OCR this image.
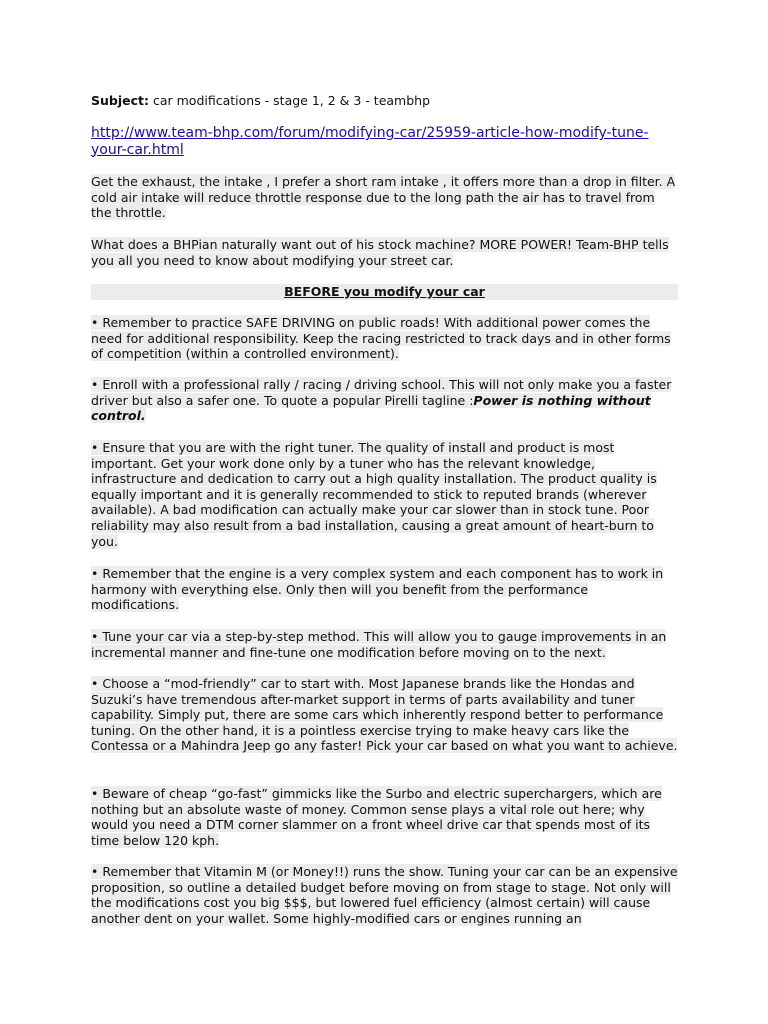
Subject: car modifications - stage 1, 2 & 3 - teambhp

http://www.team-bhp.com/forum/modifying-car/25959-article-how-modify-tune-your-car.html

Get the exhaust, the intake , I prefer a short ram intake , it offers more than a drop in filter. A cold air intake will reduce throttle response due to the long path the air has to travel from the throttle.

What does a BHPian naturally want out of his stock machine? MORE POWER! Team-BHP tells you all you need to know about modifying your street car.

BEFORE you modify your car

• Remember to practice SAFE DRIVING on public roads! With additional power comes the need for additional responsibility. Keep the racing restricted to track days and in other forms of competition (within a controlled environment).

• Enroll with a professional rally / racing / driving school. This will not only make you a faster driver but also a safer one. To quote a popular Pirelli tagline :Power is nothing without control.

• Ensure that you are with the right tuner. The quality of install and product is most important. Get your work done only by a tuner who has the relevant knowledge, infrastructure and dedication to carry out a high quality installation. The product quality is equally important and it is generally recommended to stick to reputed brands (wherever available). A bad modification can actually make your car slower than in stock tune. Poor reliability may also result from a bad installation, causing a great amount of heart-burn to you.

• Remember that the engine is a very complex system and each component has to work in harmony with everything else. Only then will you benefit from the performance modifications.

• Tune your car via a step-by-step method. This will allow you to gauge improvements in an incremental manner and fine-tune one modification before moving on to the next.

• Choose a “mod-friendly” car to start with. Most Japanese brands like the Hondas and Suzuki’s have tremendous after-market support in terms of parts availability and tuner capability. Simply put, there are some cars which inherently respond better to performance tuning. On the other hand, it is a pointless exercise trying to make heavy cars like the Contessa or a Mahindra Jeep go any faster! Pick your car based on what you want to achieve.

• Beware of cheap “go-fast” gimmicks like the Surbo and electric superchargers, which are nothing but an absolute waste of money. Common sense plays a vital role out here; why would you need a DTM corner slammer on a front wheel drive car that spends most of its time below 120 kph.

• Remember that Vitamin M (or Money!!) runs the show. Tuning your car can be an expensive proposition, so outline a detailed budget before moving on from stage to stage. Not only will the modifications cost you big $$$, but lowered fuel efficiency (almost certain) will cause another dent on your wallet. Some highly-modified cars or engines running an
